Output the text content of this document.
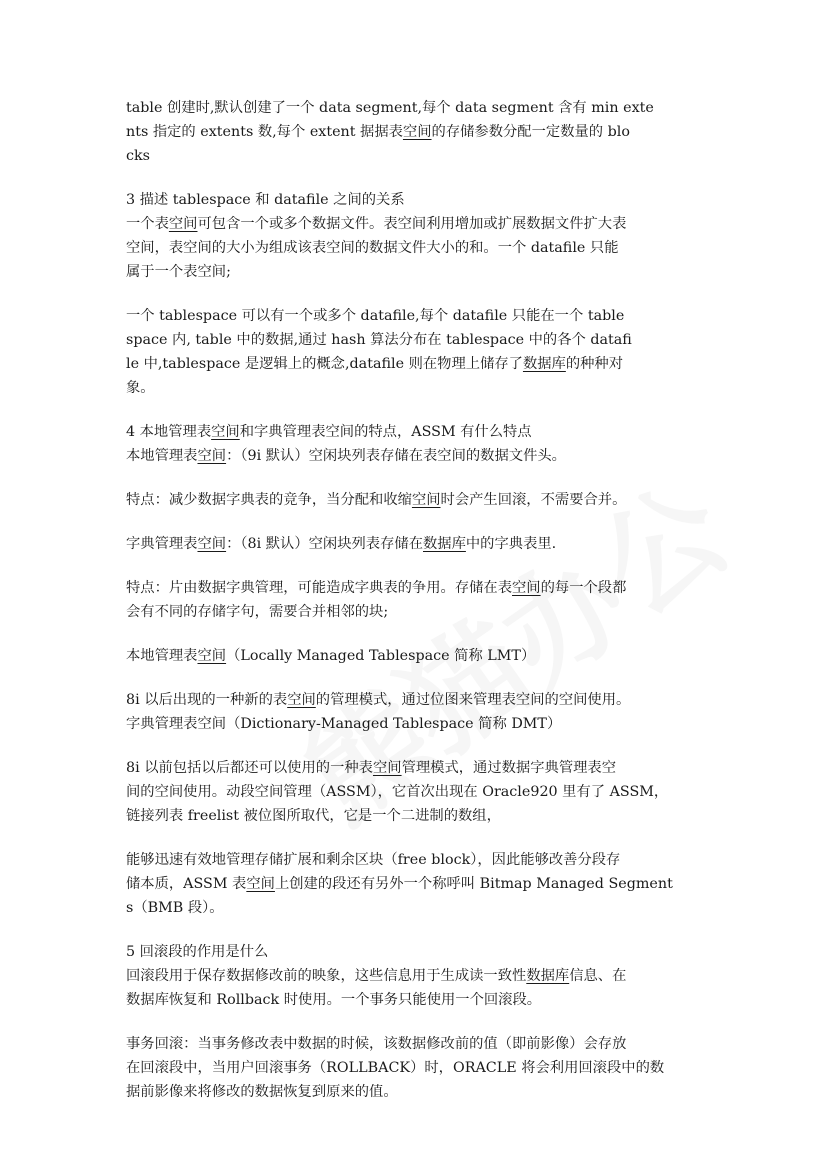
table 创建时,默认创建了一个 data segment,每个 data segment 含有 min exte
nts 指定的 extents 数,每个 extent 据据表空间的存储参数分配一定数量的 blo
cks
3 描述 tablespace 和 datafile 之间的关系
一个表空间可包含一个或多个数据文件。表空间利用增加或扩展数据文件扩大表
空间，表空间的大小为组成该表空间的数据文件大小的和。一个 datafile 只能
属于一个表空间;
一个 tablespace 可以有一个或多个 datafile,每个 datafile 只能在一个 table
space 内, table 中的数据,通过 hash 算法分布在 tablespace 中的各个 datafi
le 中,tablespace 是逻辑上的概念,datafile 则在物理上储存了数据库的种种对
象。
4 本地管理表空间和字典管理表空间的特点，ASSM 有什么特点
本地管理表空间：（9i 默认）空闲块列表存储在表空间的数据文件头。
特点：减少数据字典表的竞争，当分配和收缩空间时会产生回滚，不需要合并。
字典管理表空间：（8i 默认）空闲块列表存储在数据库中的字典表里.
特点：片由数据字典管理，可能造成字典表的争用。存储在表空间的每一个段都
会有不同的存储字句，需要合并相邻的块;
本地管理表空间（Locally Managed Tablespace 简称 LMT）
8i 以后出现的一种新的表空间的管理模式，通过位图来管理表空间的空间使用。
字典管理表空间（Dictionary-Managed Tablespace 简称 DMT）
8i 以前包括以后都还可以使用的一种表空间管理模式，通过数据字典管理表空
间的空间使用。动段空间管理（ASSM），它首次出现在 Oracle920 里有了 ASSM，
链接列表 freelist 被位图所取代，它是一个二进制的数组，
能够迅速有效地管理存储扩展和剩余区块（free block），因此能够改善分段存
储本质，ASSM 表空间上创建的段还有另外一个称呼叫 Bitmap Managed Segment
s（BMB 段）。
5 回滚段的作用是什么
回滚段用于保存数据修改前的映象，这些信息用于生成读一致性数据库信息、在
数据库恢复和 Rollback 时使用。一个事务只能使用一个回滚段。
事务回滚：当事务修改表中数据的时候，该数据修改前的值（即前影像）会存放
在回滚段中，当用户回滚事务（ROLLBACK）时，ORACLE 将会利用回滚段中的数
据前影像来将修改的数据恢复到原来的值。
